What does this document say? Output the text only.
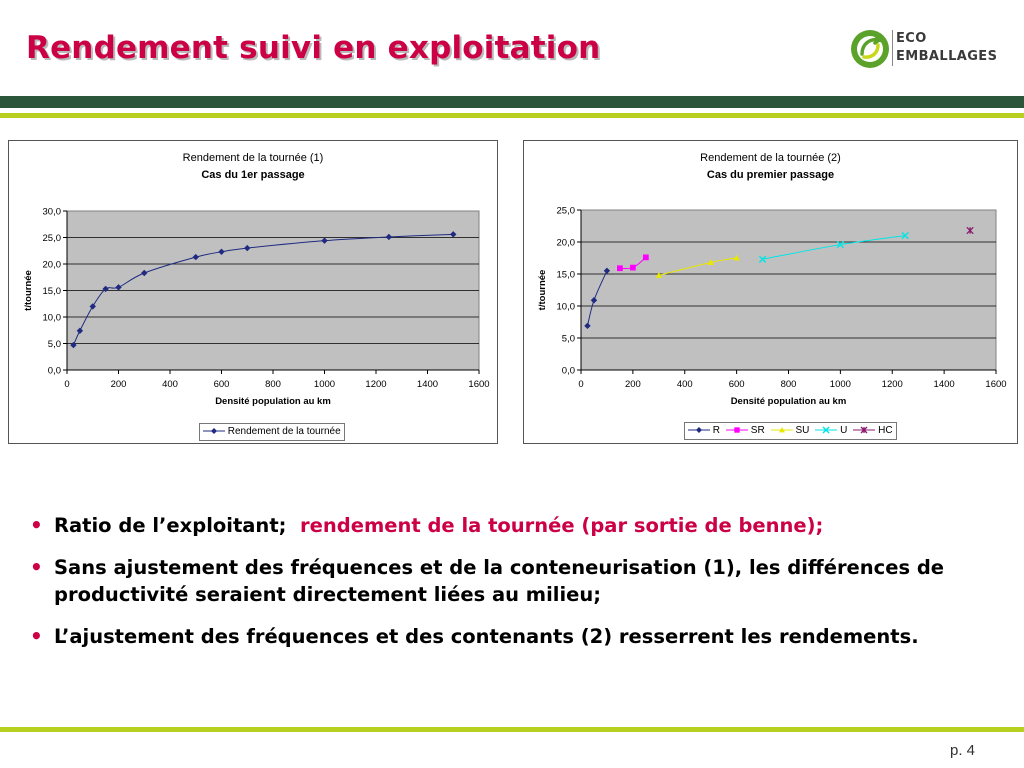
Rendement suivi en exploitation	ECO
EMBALLAGES
Rendement de la tournée (1)
Cas du 1er passage
0,0
5,0
10,0
15,0
20,0
25,0
30,0
0	200	400	600	800	1000	1200	1400	1600
Densité population au km
t/tournée
Rendement de la tournée
Rendement de la tournée (2)
Cas du premier passage
0,0
5,0
10,0
15,0
20,0
25,0
0	200	400	600	800	1000	1200	1400	1600
Densité population au km
t/tournée
R	SR	SU	U	HC
• Ratio de l’exploitant; rendement de la tournée (par sortie de benne);
• Sans ajustement des fréquences et de la conteneurisation (1), les différences de productivité seraient directement liées au milieu;
• L’ajustement des fréquences et des contenants (2) resserrent les rendements.
p. 4
